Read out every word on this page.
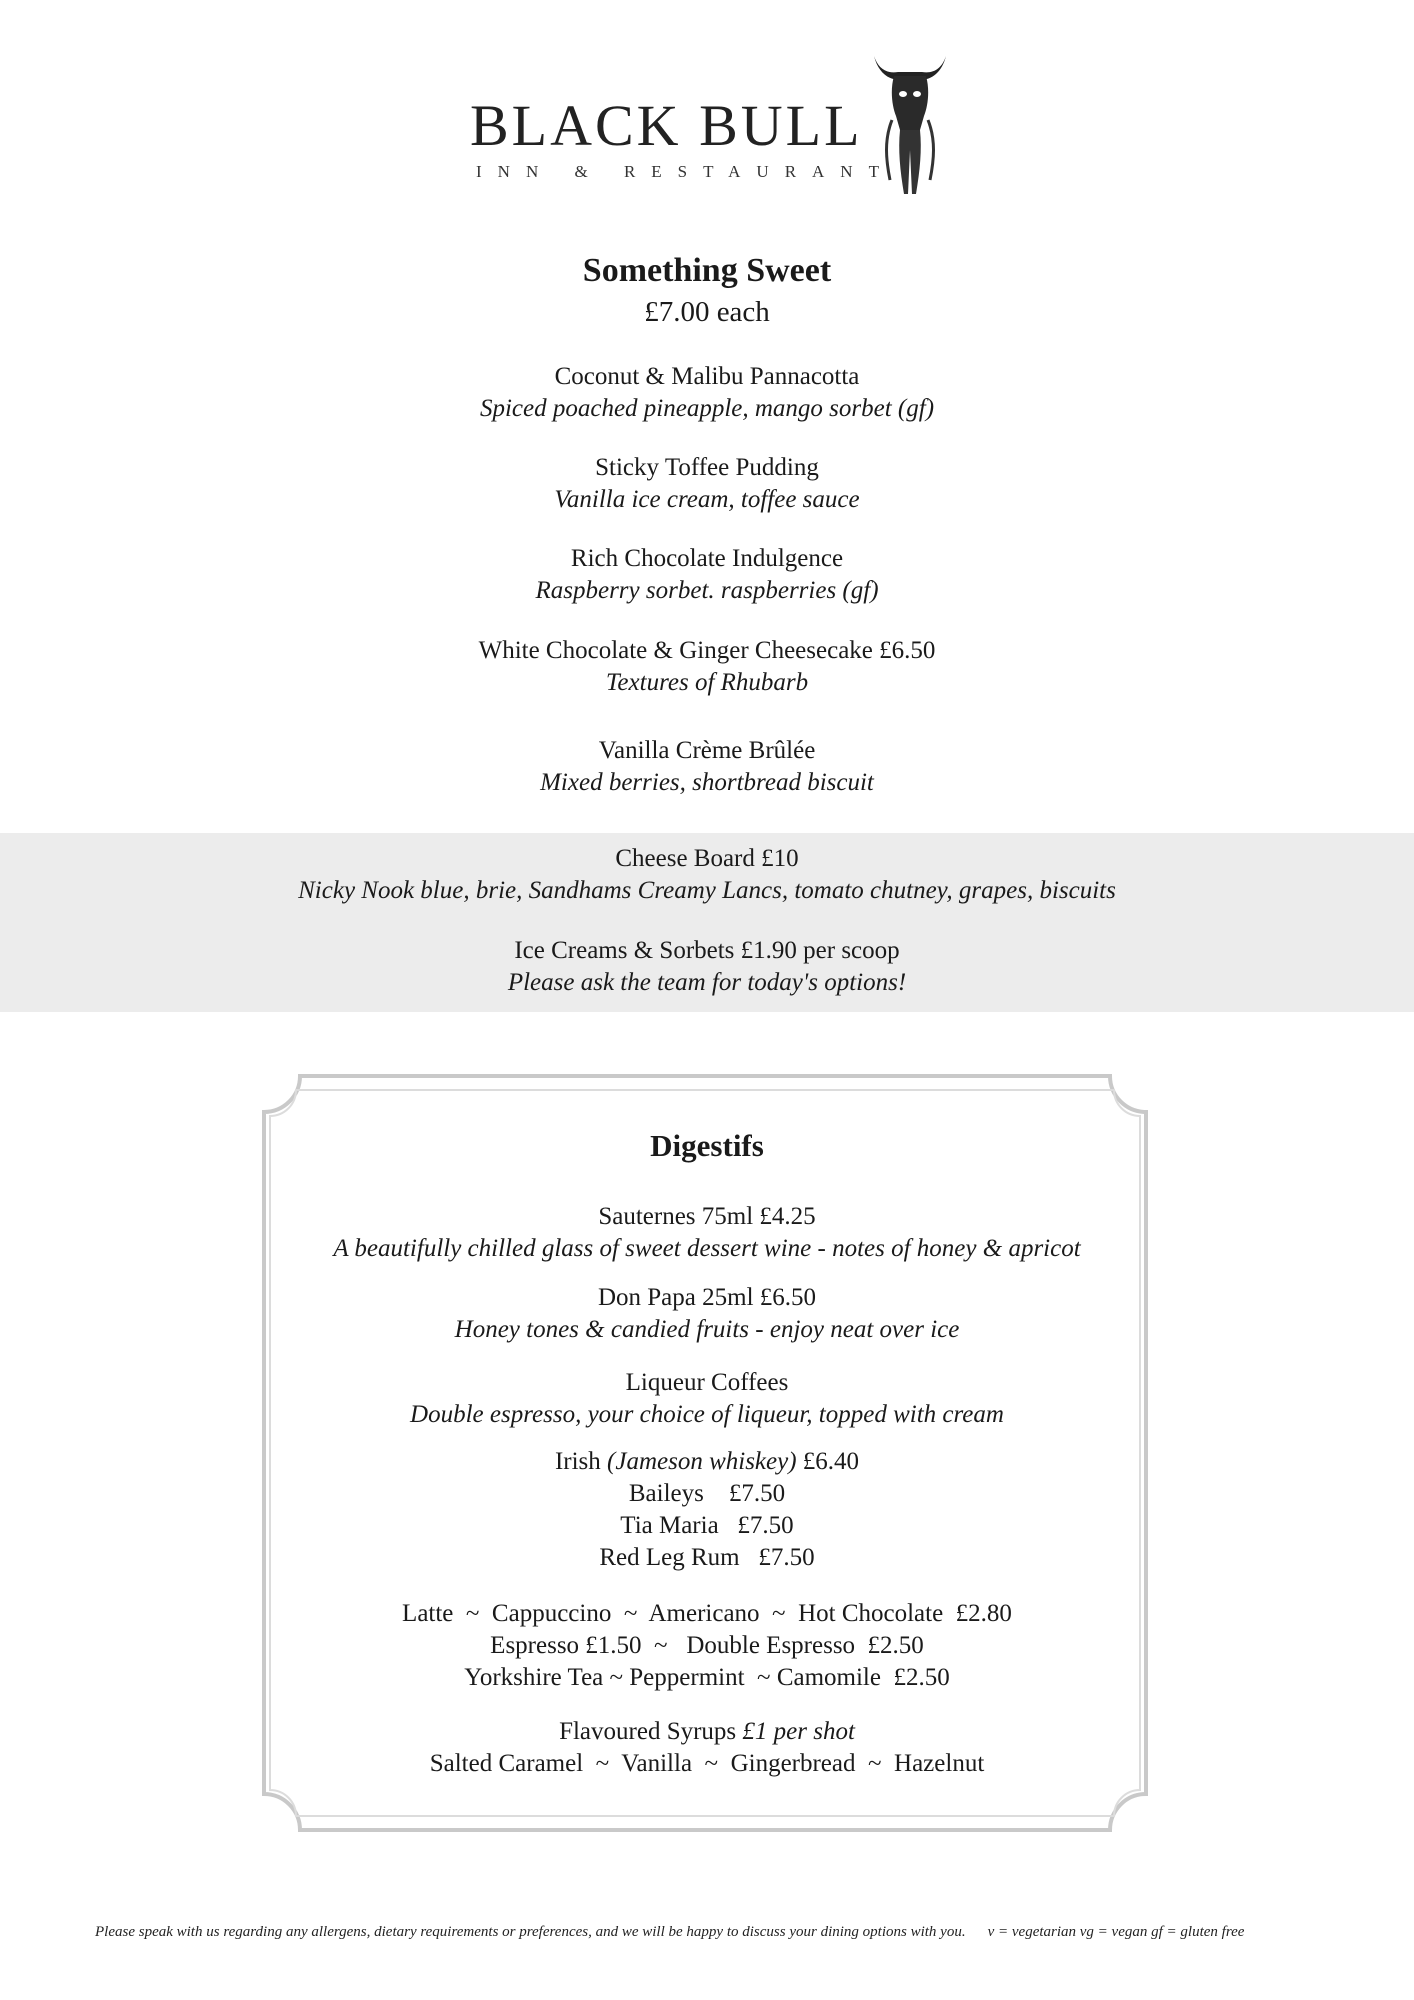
BLACK BULL
INN & RESTAURANT
Something Sweet
£7.00 each
Coconut & Malibu Pannacotta
Spiced poached pineapple, mango sorbet (gf)
Sticky Toffee Pudding
Vanilla ice cream, toffee sauce
Rich Chocolate Indulgence
Raspberry sorbet. raspberries (gf)
White Chocolate & Ginger Cheesecake £6.50
Textures of Rhubarb
Vanilla Crème Brûlée
Mixed berries, shortbread biscuit
Cheese Board £10
Nicky Nook blue, brie, Sandhams Creamy Lancs, tomato chutney, grapes, biscuits
Ice Creams & Sorbets £1.90 per scoop
Please ask the team for today's options!
Digestifs
Sauternes 75ml £4.25
A beautifully chilled glass of sweet dessert wine - notes of honey & apricot
Don Papa 25ml £6.50
Honey tones & candied fruits - enjoy neat over ice
Liqueur Coffees
Double espresso, your choice of liqueur, topped with cream
Irish (Jameson whiskey) £6.40
Baileys    £7.50
Tia Maria   £7.50
Red Leg Rum   £7.50
Latte  ~  Cappuccino  ~  Americano  ~  Hot Chocolate  £2.80
Espresso £1.50  ~   Double Espresso  £2.50
Yorkshire Tea ~ Peppermint  ~ Camomile  £2.50
Flavoured Syrups £1 per shot
Salted Caramel  ~  Vanilla  ~  Gingerbread  ~  Hazelnut
Please speak with us regarding any allergens, dietary requirements or preferences, and we will be happy to discuss your dining options with you. v = vegetarian vg = vegan gf = gluten free
